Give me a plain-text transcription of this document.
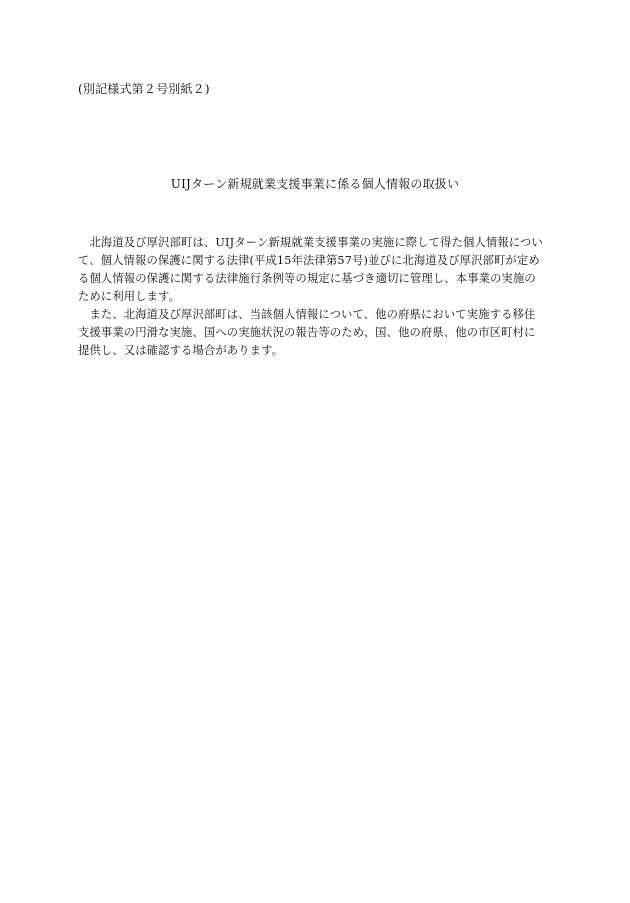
(別記様式第２号別紙２)
UIJターン新規就業支援事業に係る個人情報の取扱い
　北海道及び厚沢部町は、UIJターン新規就業支援事業の実施に際して得た個人情報につい
て、個人情報の保護に関する法律(平成15年法律第57号)並びに北海道及び厚沢部町が定め
る個人情報の保護に関する法律施行条例等の規定に基づき適切に管理し、本事業の実施の
ために利用します。
　また、北海道及び厚沢部町は、当該個人情報について、他の府県において実施する移住
支援事業の円滑な実施、国への実施状況の報告等のため、国、他の府県、他の市区町村に
提供し、又は確認する場合があります。
